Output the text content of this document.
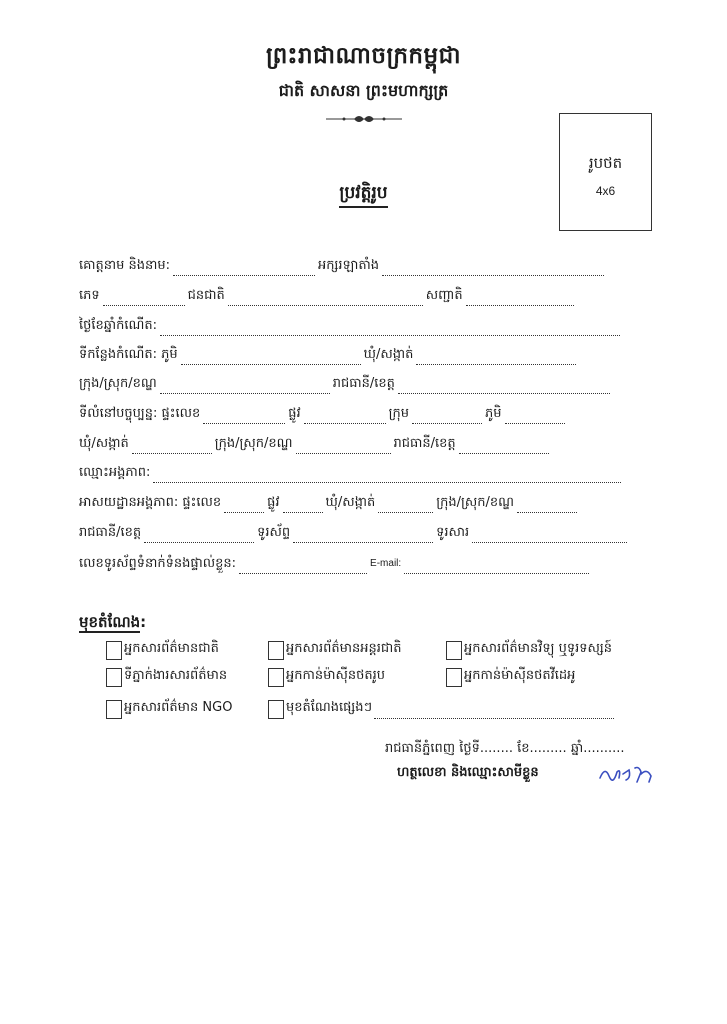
ព្រះរាជាណាចក្រកម្ពុជា
ជាតិ សាសនា ព្រះមហាក្សត្រ
រូបថត
4x6
ប្រវត្តិរូប
គោត្តនាម និងនាម:	អក្សរឡាតាំង
ភេទ	ជនជាតិ	សញ្ជាតិ
ថ្ងៃខែឆ្នាំកំណើត:
ទីកន្លែងកំណើត: ភូមិ	ឃុំ/សង្កាត់
ក្រុង/ស្រុក/ខណ្ឌ	រាជធានី/ខេត្ត
ទីលំនៅបច្ចុប្បន្ន: ផ្ទះលេខ	ផ្លូវ	ក្រុម	ភូមិ
ឃុំ/សង្កាត់	ក្រុង/ស្រុក/ខណ្ឌ	រាជធានី/ខេត្ត
ឈ្មោះអង្គភាព:
អាសយដ្ឋានអង្គភាព: ផ្ទះលេខ	ផ្លូវ	ឃុំ/សង្កាត់	ក្រុង/ស្រុក/ខណ្ឌ
រាជធានី/ខេត្ត	ទូរស័ព្ទ	ទូរសារ
លេខទូរស័ព្ទទំនាក់ទំនងផ្ទាល់ខ្លួន:	E-mail:
មុខតំណែង:
អ្នកសារព័ត៌មានជាតិ	អ្នកសារព័ត៌មានអន្តរជាតិ	អ្នកសារព័ត៌មានវិទ្យុ ឬទូរទស្សន៍
ទីភ្នាក់ងារសារព័ត៌មាន	អ្នកកាន់ម៉ាស៊ីនថតរូប	អ្នកកាន់ម៉ាស៊ីនថតវីដេអូ
អ្នកសារព័ត៌មាន NGO	មុខតំណែងផ្សេងៗ
រាជធានីភ្នំពេញ ថ្ងៃទី........ ខែ......... ឆ្នាំ..........
ហត្ថលេខា និងឈ្មោះសាមីខ្លួន
